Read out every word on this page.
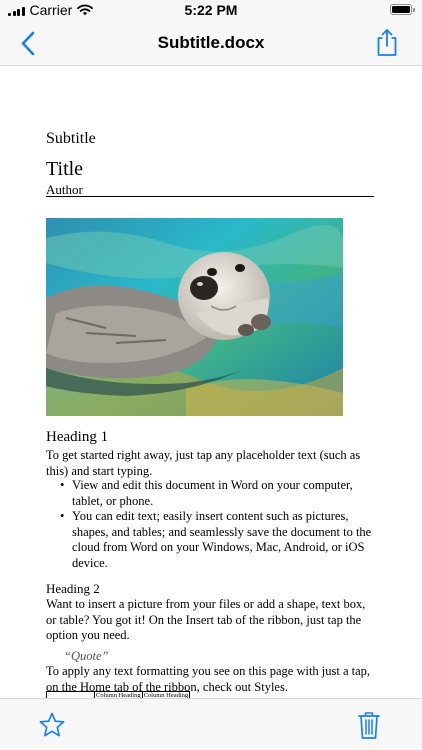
Carrier	5:22 PM
Subtitle.docx
Subtitle
Title
Author
Heading 1

To get started right away, just tap any placeholder text (such as this) and start typing.

• View and edit this document in Word on your computer, tablet, or phone.
• You can edit text; easily insert content such as pictures, shapes, and tables; and seamlessly save the document to the cloud from Word on your Windows, Mac, Android, or iOS device.
Heading 2

Want to insert a picture from your files or add a shape, text box, or table? You got it! On the Insert tab of the ribbon, just tap the option you need.

“Quote”

To apply any text formatting you see on this page with just a tap, on the Home tab of the ribbon, check out Styles.

	Column Heading	Column Heading
